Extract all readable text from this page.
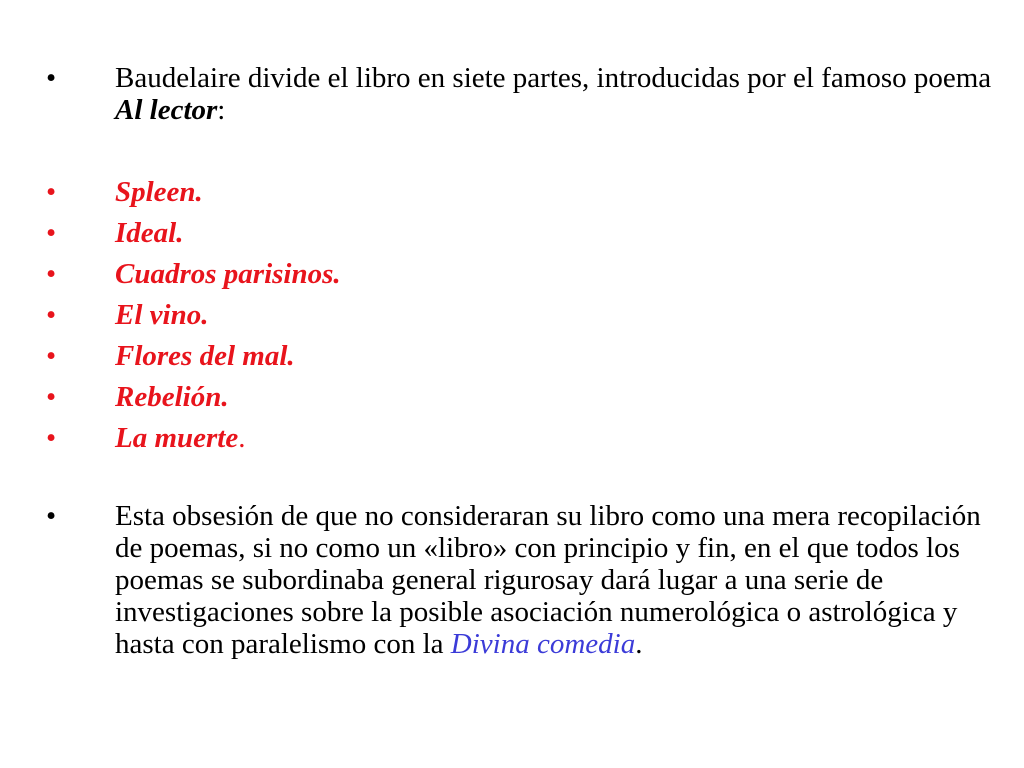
• Baudelaire divide el libro en siete partes, introducidas por el famoso poema Al lector:
• Spleen.
• Ideal.
• Cuadros parisinos.
• El vino.
• Flores del mal.
• Rebelión.
• La muerte.
• Esta obsesión de que no consideraran su libro como una mera recopilación de poemas, si no como un «libro» con principio y fin, en el que todos los poemas se subordinaba general rigurosay dará lugar a una serie de investigaciones sobre la posible asociación numerológica o astrológica y hasta con paralelismo con la Divina comedia.
